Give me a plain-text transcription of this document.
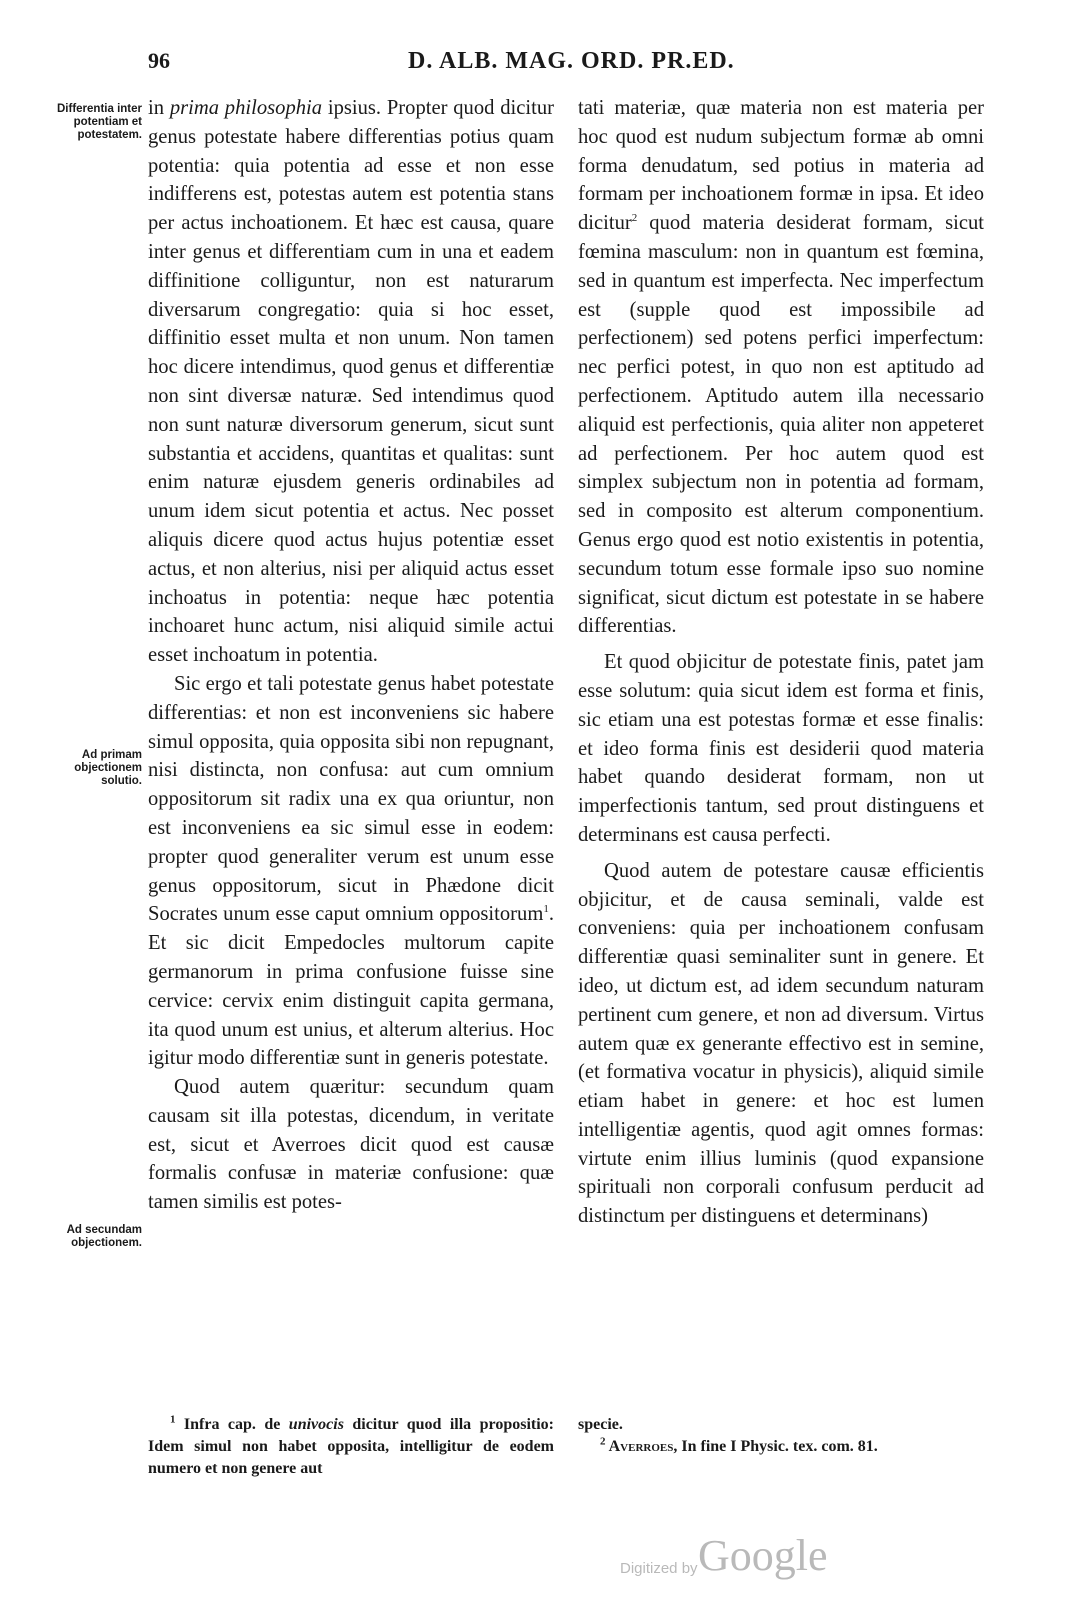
96	D. ALB. MAG. ORD. PR.ED.
Differentia inter potentiam et potestatem.
Ad primam objectionem solutio.
Ad secundam objectionem.

in prima philosophia ipsius. Propter quod dicitur genus potestate habere differentias potius quam potentia: quia potentia ad esse et non esse indifferens est, potestas autem est potentia stans per actus inchoationem. Et hæc est causa, quare inter genus et differentiam cum in una et eadem diffinitione colliguntur, non est naturarum diversarum congregatio: quia si hoc esset, diffinitio esset multa et non unum. Non tamen hoc dicere intendimus, quod genus et differentiæ non sint diversæ naturæ. Sed intendimus quod non sunt naturæ diversorum generum, sicut sunt substantia et accidens, quantitas et qualitas: sunt enim naturæ ejusdem generis ordinabiles ad unum idem sicut potentia et actus. Nec posset aliquis dicere quod actus hujus potentiæ esset actus, et non alterius, nisi per aliquid actus esset inchoatus in potentia: neque hæc potentia inchoaret hunc actum, nisi aliquid simile actui esset inchoatum in potentia.

Sic ergo et tali potestate genus habet potestate differentias: et non est inconveniens sic habere simul opposita, quia opposita sibi non repugnant, nisi distincta, non confusa: aut cum omnium oppositorum sit radix una ex qua oriuntur, non est inconveniens ea sic simul esse in eodem: propter quod generaliter verum est unum esse genus oppositorum, sicut in Phædone dicit Socrates unum esse caput omnium oppositorum$^1$. Et sic dicit Empedocles multorum capite germanorum in prima confusione fuisse sine cervice: cervix enim distinguit capita germana, ita quod unum est unius, et alterum alterius. Hoc igitur modo differentiæ sunt in generis potestate.

Quod autem quæritur: secundum quam causam sit illa potestas, dicendum, in veritate est, sicut et Averroes dicit quod est causæ formalis confusæ in materiæ confusione: quæ tamen similis est potes-

tati materiæ, quæ materia non est materia per hoc quod est nudum subjectum formæ ab omni forma denudatum, sed potius in materia ad formam per inchoationem formæ in ipsa. Et ideo dicitur$^2$ quod materia desiderat formam, sicut fœmina masculum: non in quantum est fœmina, sed in quantum est imperfecta. Nec imperfectum est (supple quod est impossibile ad perfectionem) sed potens perfici imperfectum: nec perfici potest, in quo non est aptitudo ad perfectionem. Aptitudo autem illa necessario aliquid est perfectionis, quia aliter non appeteret ad perfectionem. Per hoc autem quod est simplex subjectum non in potentia ad formam, sed in composito est alterum componentium. Genus ergo quod est notio existentis in potentia, secundum totum esse formale ipso suo nomine significat, sicut dictum est potestate in se habere differentias.

Et quod objicitur de potestate finis, patet jam esse solutum: quia sicut idem est forma et finis, sic etiam una est potestas formæ et esse finalis: et ideo forma finis est desiderii quod materia habet quando desiderat formam, non ut imperfectionis tantum, sed prout distinguens et determinans est causa perfecti.

Quod autem de potestare causæ efficientis objicitur, et de causa seminali, valde est conveniens: quia per inchoationem confusam differentiæ quasi seminaliter sunt in genere. Et ideo, ut dictum est, ad idem secundum naturam pertinent cum genere, et non ad diversum. Virtus autem quæ ex generante effectivo est in semine, (et formativa vocatur in physicis), aliquid simile etiam habet in genere: et hoc est lumen intelligentiæ agentis, quod agit omnes formas: virtute enim illius luminis (quod expansione spirituali non corporali confusum perducit ad distinctum per distinguens et determinans)

$^1$ Infra cap. de univocis dicitur quod illa propositio: Idem simul non habet opposita, intelligitur de eodem numero et non genere aut

specie.

$^2$ Averroes, In fine I Physic. tex. com. 81.

Digitized by Google
